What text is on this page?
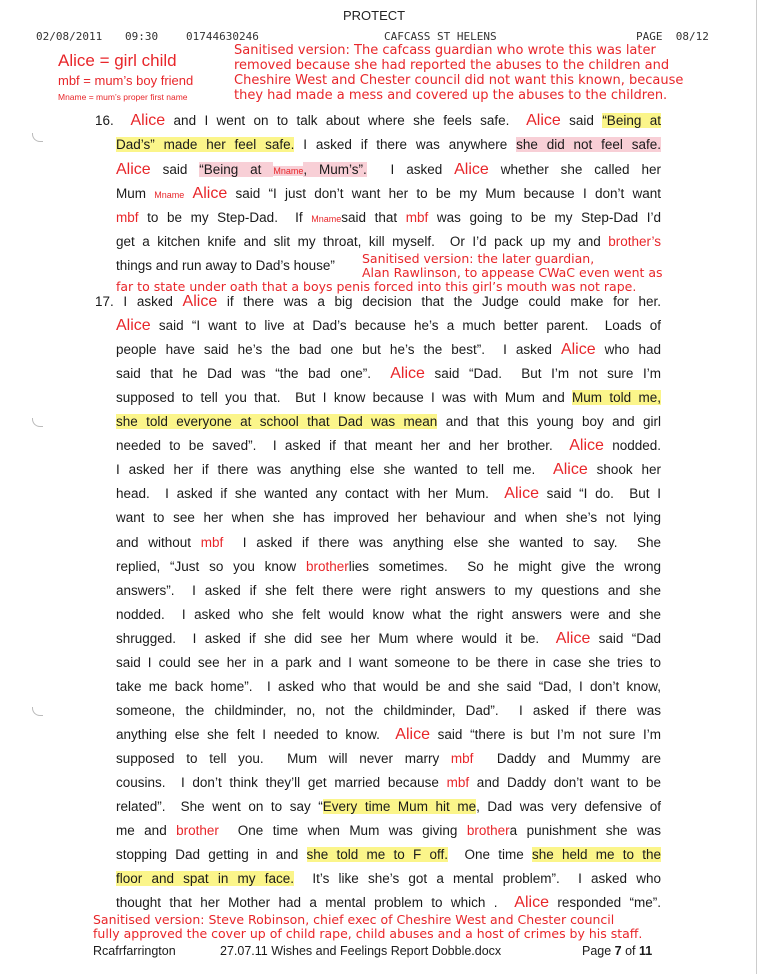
02/08/2011 09:30	01744630246	CAFCASS ST HELENS	PAGE  08/12
Alice = girl child
mbf = mum’s boy friend
Mname = mum’s proper first name
PROTECT
Sanitised version: The cafcass guardian who wrote this was later
removed because she had reported the abuses to the children and
Cheshire West and Chester council did not want this known, because
they had made a mess and covered up the abuses to the children.
16.  Alice and I went on to talk about where she feels safe.  Alice said “Being at
Dad’s” made her feel safe. I asked if there was anywhere she did not feel safe.
Alice said “Being at Mname, Mum’s”.  I asked Alice whether she called her
Mum Mname Alice said “I just don’t want her to be my Mum because I don’t want
mbf to be my Step-Dad.  If Mnamesaid that mbf was going to be my Step-Dad I’d
get a kitchen knife and slit my throat, kill myself.  Or I’d pack up my and brother’s
things and run away to Dad’s house”
17. I asked Alice if there was a big decision that the Judge could make for her.
Alice said “I want to live at Dad’s because he’s a much better parent.  Loads of
people have said he’s the bad one but he’s the best”.  I asked Alice who had
said that he Dad was “the bad one”.  Alice said “Dad.  But I’m not sure I’m
supposed to tell you that.  But I know because I was with Mum and Mum told me,
she told everyone at school that Dad was mean and that this young boy and girl
needed to be saved”.  I asked if that meant her and her brother.  Alice nodded.
I asked her if there was anything else she wanted to tell me.  Alice shook her
head.  I asked if she wanted any contact with her Mum.  Alice said “I do.  But I
want to see her when she has improved her behaviour and when she’s not lying
and without mbf  I asked if there was anything else she wanted to say.  She
replied, “Just so you know brotherlies sometimes.  So he might give the wrong
answers”.  I asked if she felt there were right answers to my questions and she
nodded.  I asked who she felt would know what the right answers were and she
shrugged.  I asked if she did see her Mum where would it be.  Alice said “Dad
said I could see her in a park and I want someone to be there in case she tries to
take me back home”.  I asked who that would be and she said “Dad, I don’t know,
someone, the childminder, no, not the childminder, Dad”.  I asked if there was
anything else she felt I needed to know.  Alice said “there is but I’m not sure I’m
supposed to tell you.  Mum will never marry mbf  Daddy and Mummy are
cousins.  I don’t think they’ll get married because mbf and Daddy don’t want to be
related”.  She went on to say “Every time Mum hit me, Dad was very defensive of
me and brother  One time when Mum was giving brothera punishment she was
stopping Dad getting in and she told me to F off.  One time she held me to the
floor and spat in my face.  It’s like she’s got a mental problem”.  I asked who
thought that her Mother had a mental problem to which .  Alice responded “me”.
Sanitised version: the later guardian,
Alan Rawlinson, to appease CWaC even went as
far to state under oath that a boys penis forced into this girl’s mouth was not rape.
Sanitised version: Steve Robinson, chief exec of Cheshire West and Chester council
fully approved the cover up of child rape, child abuses and a host of crimes by his staff.
Rcafrfarrington	27.07.11 Wishes and Feelings Report Dobble.docx	Page 7 of 11
